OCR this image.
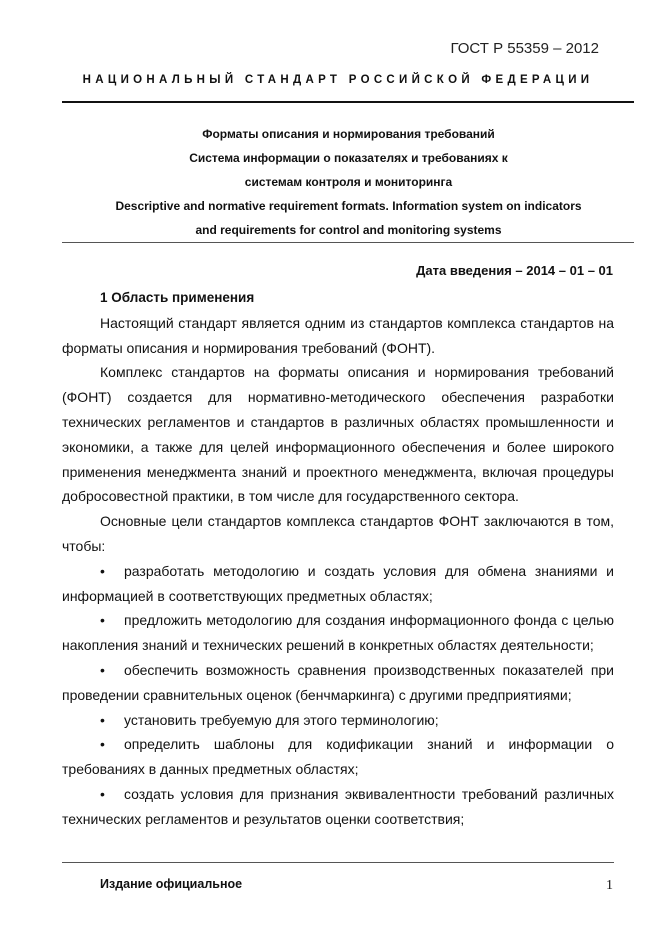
ГОСТ Р 55359 – 2012
НАЦИОНАЛЬНЫЙ СТАНДАРТ РОССИЙСКОЙ ФЕДЕРАЦИИ
Форматы описания и нормирования требований
Система информации о показателях и требованиях к
системам контроля и мониторинга
Descriptive and normative requirement formats. Information system on indicators
and requirements for control and monitoring systems
Дата введения – 2014 – 01 – 01

1 Область применения

Настоящий стандарт является одним из стандартов комплекса стандартов на форматы описания и нормирования требований (ФОНТ).

Комплекс стандартов на форматы описания и нормирования требований (ФОНТ) создается для нормативно-методического обеспечения разработки технических регламентов и стандартов в различных областях промышленности и экономики, а также для целей информационного обеспечения и более широкого применения менеджмента знаний и проектного менеджмента, включая процедуры добросовестной практики, в том числе для государственного сектора.

Основные цели стандартов комплекса стандартов ФОНТ заключаются в том, чтобы:

• разработать методологию и создать условия для обмена знаниями и информацией в соответствующих предметных областях;

• предложить методологию для создания информационного фонда с целью накопления знаний и технических решений в конкретных областях деятельности;

• обеспечить возможность сравнения производственных показателей при проведении сравнительных оценок (бенчмаркинга) с другими предприятиями;

• установить требуемую для этого терминологию;

• определить шаблоны для кодификации знаний и информации о требованиях в данных предметных областях;

• создать условия для признания эквивалентности требований различных технических регламентов и результатов оценки соответствия;

Издание официальное	1
